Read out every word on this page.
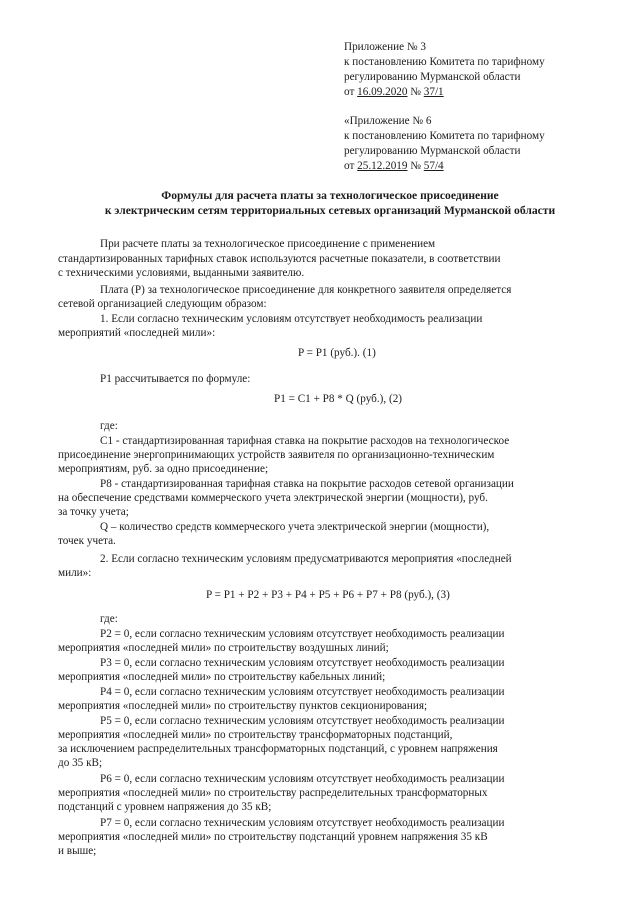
Приложение № 3
к постановлению Комитета по тарифному
регулированию Мурманской области
от 16.09.2020 № 37/1
«Приложение № 6
к постановлению Комитета по тарифному
регулированию Мурманской области
от 25.12.2019 № 57/4
Формулы для расчета платы за технологическое присоединение
к электрическим сетям территориальных сетевых организаций Мурманской области
При расчете платы за технологическое присоединение с применением
стандартизированных тарифных ставок используются расчетные показатели, в соответствии
с техническими условиями, выданными заявителю.
Плата (P) за технологическое присоединение для конкретного заявителя определяется
сетевой организацией следующим образом:
1. Если согласно техническим условиям отсутствует необходимость реализации
мероприятий «последней мили»:
P = P1 (руб.). (1)
P1 рассчитывается по формуле:
P1 = C1 + P8 * Q (руб.), (2)
где:
C1 - стандартизированная тарифная ставка на покрытие расходов на технологическое
присоединение энергопринимающих устройств заявителя по организационно-техническим
мероприятиям, руб. за одно присоединение;
P8 - стандартизированная тарифная ставка на покрытие расходов сетевой организации
на обеспечение средствами коммерческого учета электрической энергии (мощности), руб.
за точку учета;
Q – количество средств коммерческого учета электрической энергии (мощности),
точек учета.
2. Если согласно техническим условиям предусматриваются мероприятия «последней
мили»:
P = P1 + P2 + P3 + P4 + P5 + P6 + P7 + P8 (руб.), (3)
где:
P2 = 0, если согласно техническим условиям отсутствует необходимость реализации
мероприятия «последней мили» по строительству воздушных линий;
P3 = 0, если согласно техническим условиям отсутствует необходимость реализации
мероприятия «последней мили» по строительству кабельных линий;
P4 = 0, если согласно техническим условиям отсутствует необходимость реализации
мероприятия «последней мили» по строительству пунктов секционирования;
P5 = 0, если согласно техническим условиям отсутствует необходимость реализации
мероприятия «последней мили» по строительству трансформаторных подстанций,
за исключением распределительных трансформаторных подстанций, с уровнем напряжения
до 35 кВ;
P6 = 0, если согласно техническим условиям отсутствует необходимость реализации
мероприятия «последней мили» по строительству распределительных трансформаторных
подстанций с уровнем напряжения до 35 кВ;
P7 = 0, если согласно техническим условиям отсутствует необходимость реализации
мероприятия «последней мили» по строительству подстанций уровнем напряжения 35 кВ
и выше;
